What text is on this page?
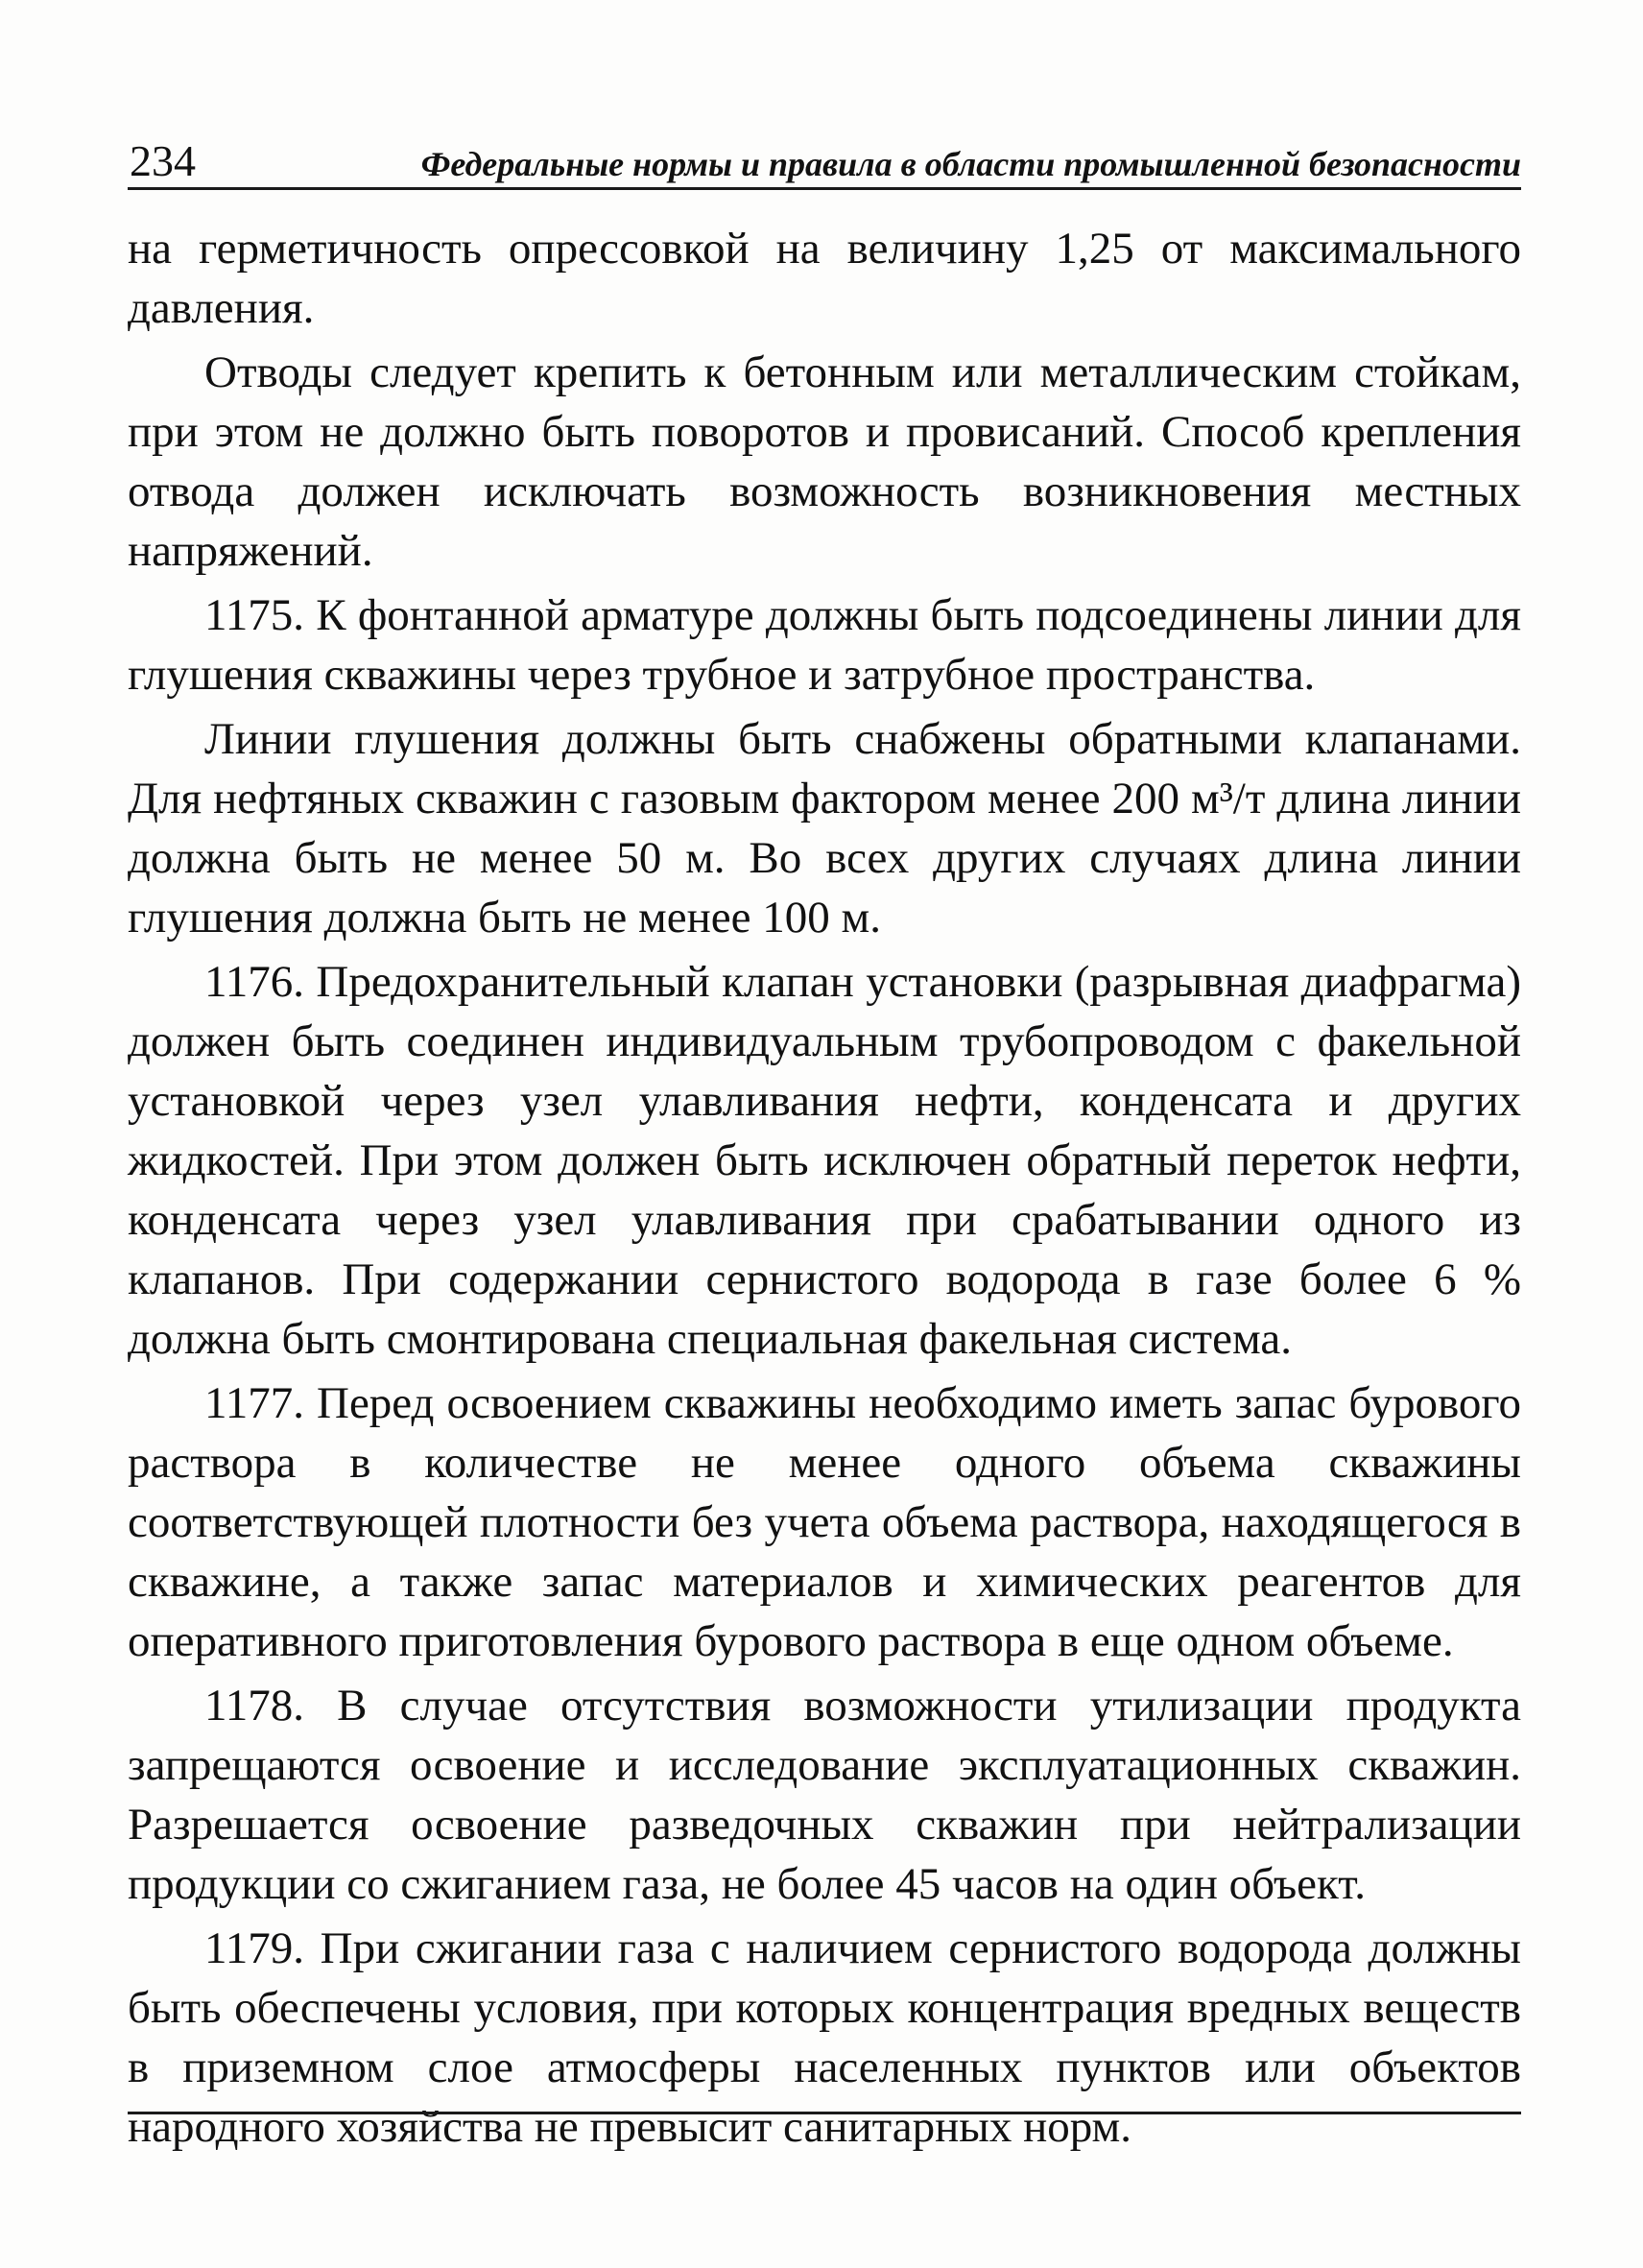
234	Федеральные нормы и правила в области промышленной безопасности

на герметичность опрессовкой на величину 1,25 от максимального давления.

Отводы следует крепить к бетонным или металлическим стойкам, при этом не должно быть поворотов и провисаний. Способ крепления отвода должен исключать возможность возникновения местных напряжений.

1175. К фонтанной арматуре должны быть подсоединены линии для глушения скважины через трубное и затрубное пространства.

Линии глушения должны быть снабжены обратными клапанами. Для нефтяных скважин с газовым фактором менее 200 м³/т длина линии должна быть не менее 50 м. Во всех других случаях длина линии глушения должна быть не менее 100 м.

1176. Предохранительный клапан установки (разрывная диафрагма) должен быть соединен индивидуальным трубопроводом с факельной установкой через узел улавливания нефти, конденсата и других жидкостей. При этом должен быть исключен обратный переток нефти, конденсата через узел улавливания при срабатывании одного из клапанов. При содержании сернистого водорода в газе более 6 % должна быть смонтирована специальная факельная система.

1177. Перед освоением скважины необходимо иметь запас бурового раствора в количестве не менее одного объема скважины соответствующей плотности без учета объема раствора, находящегося в скважине, а также запас материалов и химических реагентов для оперативного приготовления бурового раствора в еще одном объеме.

1178. В случае отсутствия возможности утилизации продукта запрещаются освоение и исследование эксплуатационных скважин. Разрешается освоение разведочных скважин при нейтрализации продукции со сжиганием газа, не более 45 часов на один объект.

1179. При сжигании газа с наличием сернистого водорода должны быть обеспечены условия, при которых концентрация вредных веществ в приземном слое атмосферы населенных пунктов или объектов народного хозяйства не превысит санитарных норм.
